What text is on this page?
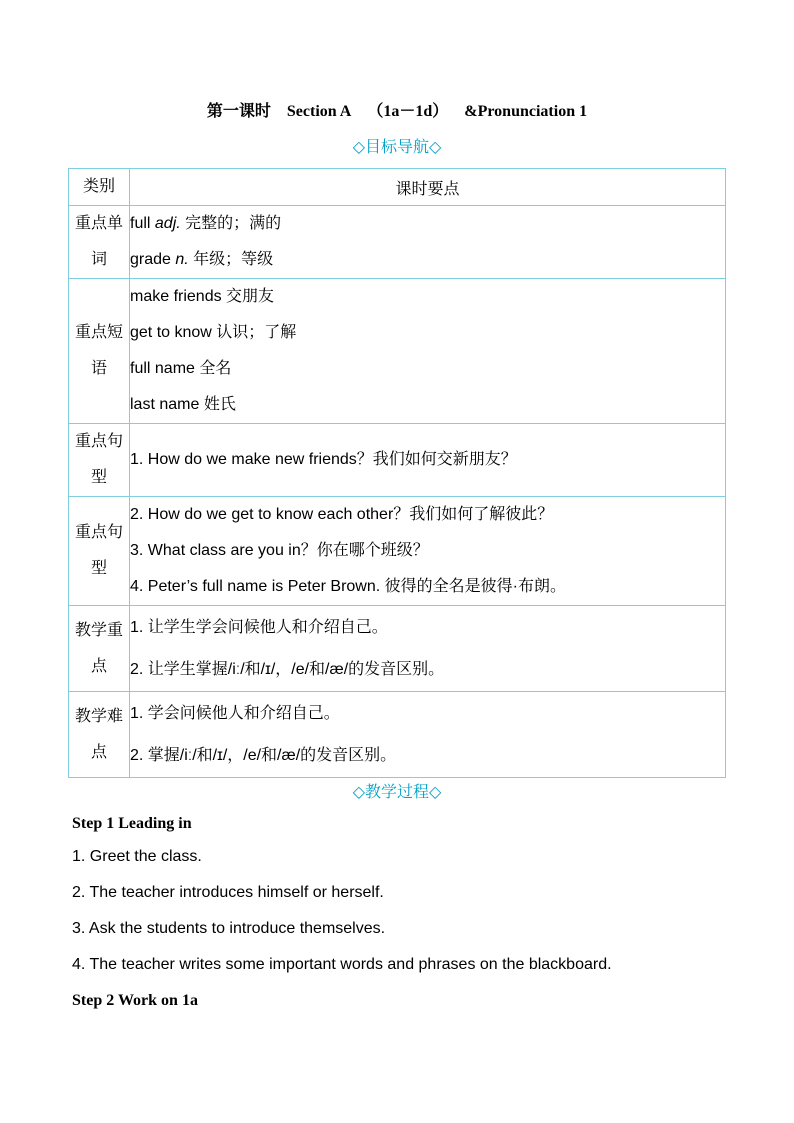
第一课时 Section A （1a－1d） &Pronunciation 1
◇目标导航◇
类别	课时要点
重点单词	full adj. 完整的；满的
grade n. 年级；等级

重点短语	make friends 交朋友
get to know 认识；了解
full name 全名
last name 姓氏

重点句型	1. How do we make new friends？我们如何交新朋友？

重点句型	2. How do we get to know each other？我们如何了解彼此？
3. What class are you in？你在哪个班级？
4. Peter’s full name is Peter Brown. 彼得的全名是彼得·布朗。

教学重点	1. 让学生学会问候他人和介绍自己。
2. 让学生掌握/iː/和/ɪ/，/e/和/æ/的发音区别。

教学难点	1. 学会问候他人和介绍自己。
2. 掌握/iː/和/ɪ/，/e/和/æ/的发音区别。
◇教学过程◇
Step 1 Leading in
1. Greet the class.
2. The teacher introduces himself or herself.
3. Ask the students to introduce themselves.
4. The teacher writes some important words and phrases on the blackboard.
Step 2 Work on 1a
